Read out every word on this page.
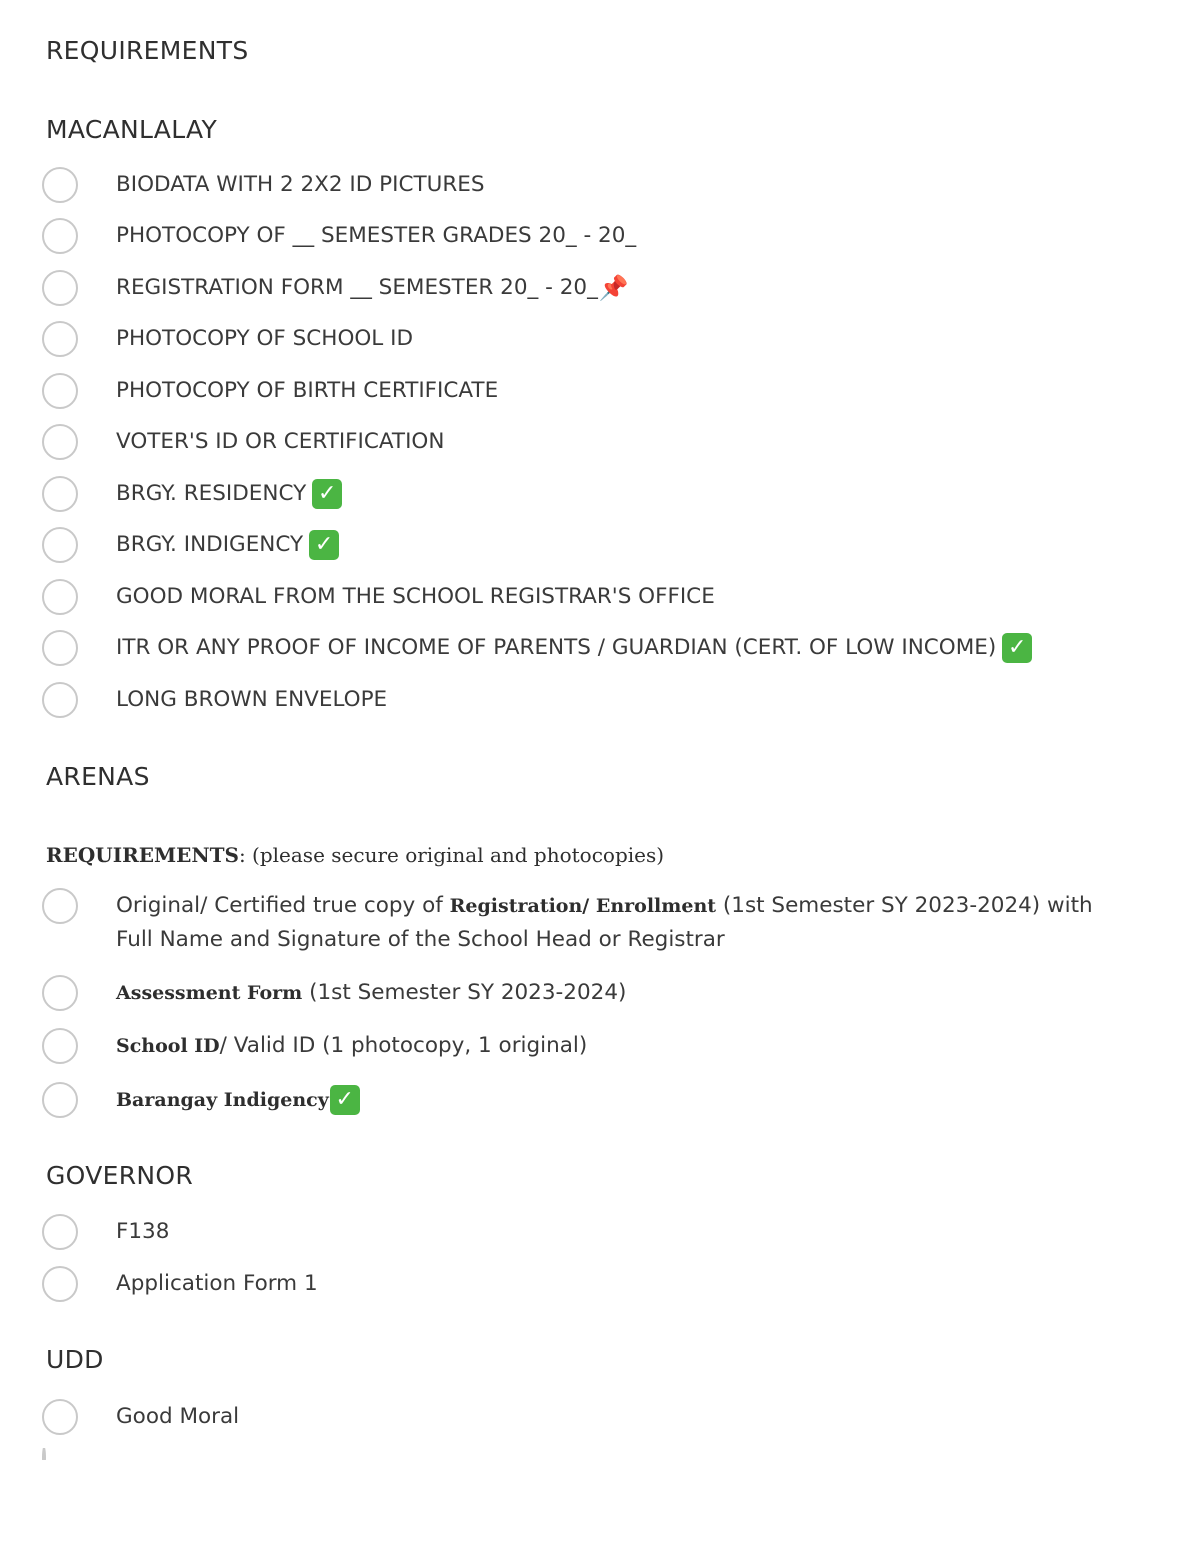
REQUIREMENTS
MACANLALAY
BIODATA WITH 2 2X2 ID PICTURES
PHOTOCOPY OF __ SEMESTER GRADES 20_ - 20_
REGISTRATION FORM __ SEMESTER 20_ - 20_📌
PHOTOCOPY OF SCHOOL ID
PHOTOCOPY OF BIRTH CERTIFICATE
VOTER'S ID OR CERTIFICATION
BRGY. RESIDENCY ✓
BRGY. INDIGENCY ✓
GOOD MORAL FROM THE SCHOOL REGISTRAR'S OFFICE
ITR OR ANY PROOF OF INCOME OF PARENTS / GUARDIAN (CERT. OF LOW INCOME) ✓
LONG BROWN ENVELOPE
ARENAS

REQUIREMENTS: (please secure original and photocopies)

Original/ Certified true copy of Registration/ Enrollment (1st Semester SY 2023-2024) with Full Name and Signature of the School Head or Registrar
Assessment Form (1st Semester SY 2023-2024)
School ID/ Valid ID (1 photocopy, 1 original)
Barangay Indigency ✓
GOVERNOR
F138
Application Form 1
UDD
Good Moral
